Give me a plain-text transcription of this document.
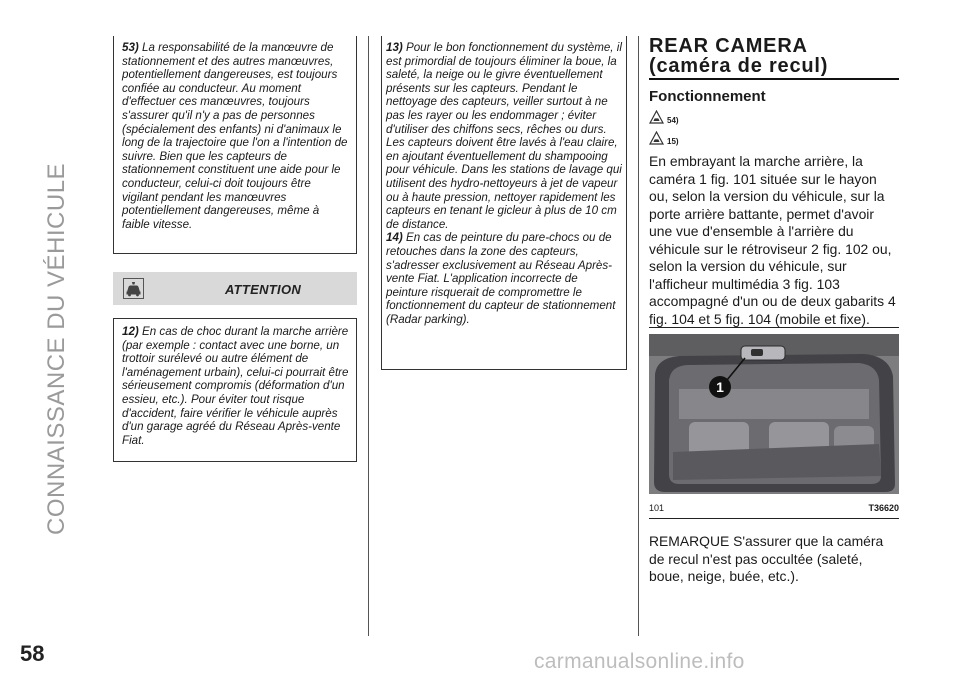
CONNAISSANCE DU VÉHICULE

53) La responsabilité de la manœuvre de stationnement et des autres manœuvres, potentiellement dangereuses, est toujours confiée au conducteur. Au moment d'effectuer ces manœuvres, toujours s'assurer qu'il n'y a pas de personnes (spécialement des enfants) ni d'animaux le long de la trajectoire que l'on a l'intention de suivre. Bien que les capteurs de stationnement constituent une aide pour le conducteur, celui-ci doit toujours être vigilant pendant les manœuvres potentiellement dangereuses, même à faible vitesse.

ATTENTION

12) En cas de choc durant la marche arrière (par exemple : contact avec une borne, un trottoir surélevé ou autre élément de l'aménagement urbain), celui-ci pourrait être sérieusement compromis (déformation d'un essieu, etc.). Pour éviter tout risque d'accident, faire vérifier le véhicule auprès d'un garage agréé du Réseau Après-vente Fiat.

13) Pour le bon fonctionnement du système, il est primordial de toujours éliminer la boue, la saleté, la neige ou le givre éventuellement présents sur les capteurs. Pendant le nettoyage des capteurs, veiller surtout à ne pas les rayer ou les endommager ; éviter d'utiliser des chiffons secs, rêches ou durs. Les capteurs doivent être lavés à l'eau claire, en ajoutant éventuellement du shampooing pour véhicule. Dans les stations de lavage qui utilisent des hydro-nettoyeurs à jet de vapeur ou à haute pression, nettoyer rapidement les capteurs en tenant le gicleur à plus de 10 cm de distance.

14) En cas de peinture du pare-chocs ou de retouches dans la zone des capteurs, s'adresser exclusivement au Réseau Après-vente Fiat. L'application incorrecte de peinture risquerait de compromettre le fonctionnement du capteur de stationnement (Radar parking).

REAR CAMERA
(caméra de recul)
Fonctionnement
54)
15)

En embrayant la marche arrière, la caméra 1 fig. 101 située sur le hayon ou, selon la version du véhicule, sur la porte arrière battante, permet d'avoir une vue d'ensemble à l'arrière du véhicule sur le rétroviseur 2 fig. 102 ou, selon la version du véhicule, sur l'afficheur multimédia 3 fig. 103 accompagné d'un ou de deux gabarits 4 fig. 104 et 5 fig. 104 (mobile et fixe).

1
101	T36620

REMARQUE S'assurer que la caméra de recul n'est pas occultée (saleté, boue, neige, buée, etc.).

58	carmanualsonline.info
